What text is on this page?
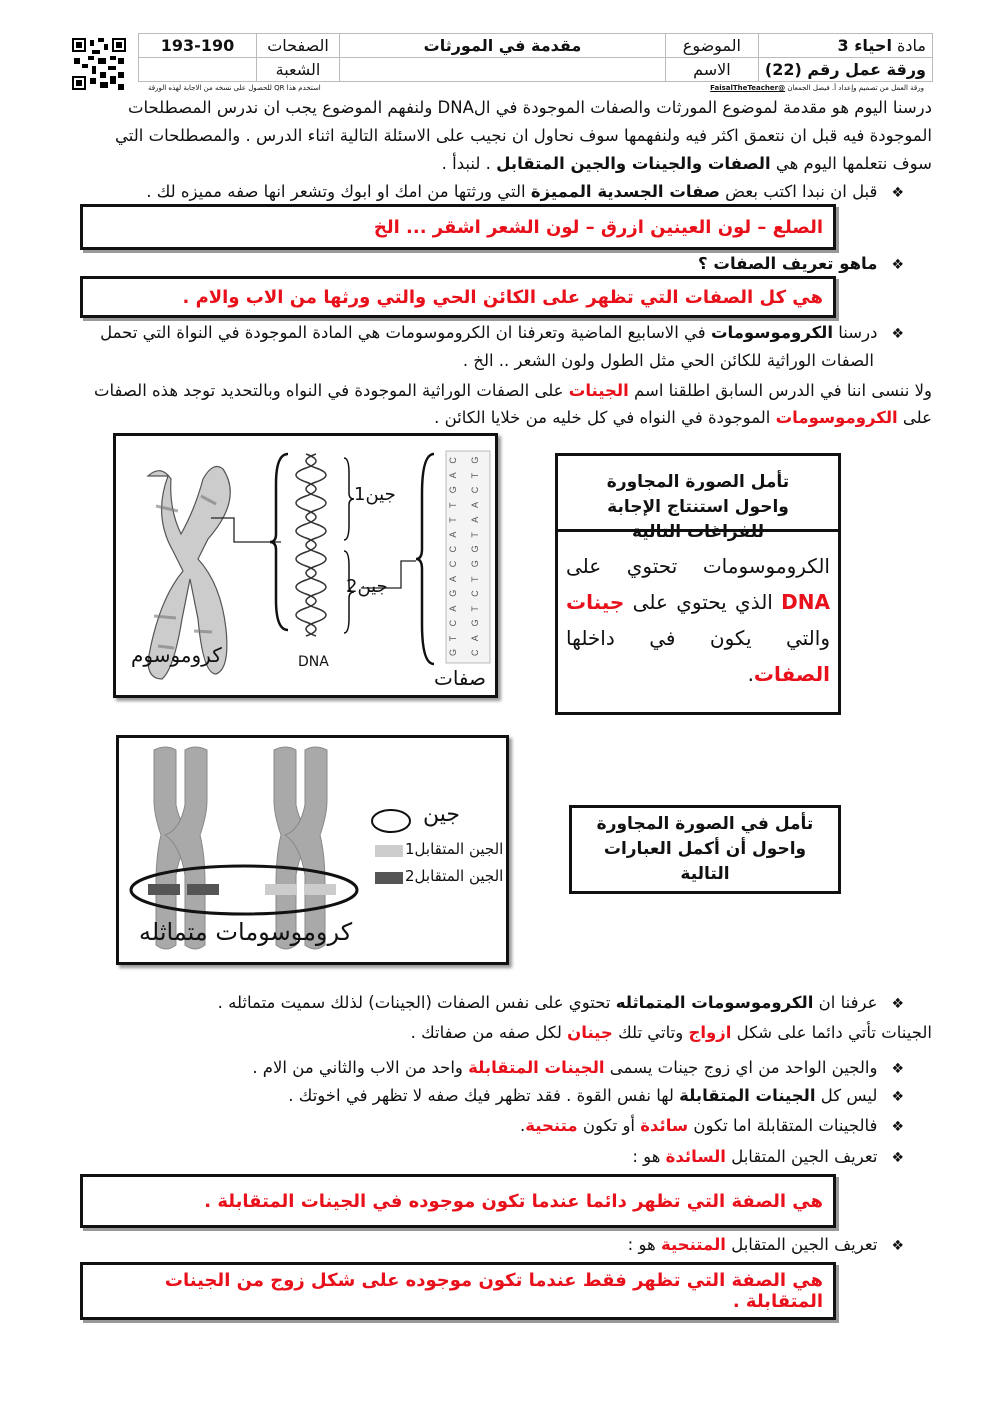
مادة احياء 3	الموضوع	مقدمة في المورثات	الصفحات	193-190
ورقة عمل رقم (22)	الاسم		الشعبة	
ورقة العمل من تصميم وإعداد أ. فيصل الجمعان @FaisalTheTeacher
استخدم هذا QR للحصول على نسخه من الاجابة لهذه الورقة
درسنا اليوم هو مقدمة لموضوع المورثات والصفات الموجودة في الDNA ولنفهم الموضوع يجب ان ندرس المصطلحات
الموجودة فيه قبل ان نتعمق اكثر فيه ولنفهمها سوف نحاول ان نجيب على الاسئلة التالية اثناء الدرس . والمصطلحات التي
سوف نتعلمها اليوم هي الصفات والجينات والجين المتقابل . لنبدأ .
❖ قبل ان نبدا اكتب بعض صفات الجسدية المميزة التي ورثتها من امك او ابوك وتشعر انها صفه مميزه لك .
الصلع – لون العينين ازرق – لون الشعر اشقر ... الخ
❖ ماهو تعريف الصفات ؟
هي كل الصفات التي تظهر على الكائن الحي والتي ورثها من الاب والام .
❖ درسنا الكروموسومات في الاسابيع الماضية وتعرفنا ان الكروموسومات هي المادة الموجودة في النواة التي تحمل
الصفات الوراثية للكائن الحي مثل الطول ولون الشعر .. الخ .
ولا ننسى اننا في الدرس السابق اطلقنا اسم الجينات على الصفات الوراثية الموجودة في النواه وبالتحديد توجد هذه الصفات
على الكروموسومات الموجودة في النواه في كل خليه من خلايا الكائن .
G
T
C
A
G
A
C
C
A
T
T
G
A
C
C
A
G
T
C
T
G
G
T
A
A
C
T
G
كروموسوم	DNA
جين1
جين2
صفات
تأمل الصورة المجاورة واحول استنتاج الإجابة للفراغات التالية
الكروموسومات تحتوي على DNA الذي يحتوي على جينات والتي يكون في داخلها الصفات.
جين
الجين المتقابل1
الجين المتقابل2
كروموسومات متماثله
تأمل في الصورة المجاورة واحول أن أكمل العبارات التالية
❖ عرفنا ان الكروموسومات المتماثله تحتوي على نفس الصفات (الجينات) لذلك سميت متماثله .
الجينات تأتي دائما على شكل ازواج وتاتي تلك جينان لكل صفه من صفاتك .
❖ والجين الواحد من اي زوج جينات يسمى الجينات المتقابلة واحد من الاب والثاني من الام .
❖ ليس كل الجينات المتقابلة لها نفس القوة . فقد تظهر فيك صفه لا تظهر في اخوتك .
❖ فالجينات المتقابلة اما تكون سائدة أو تكون متنحية.
❖ تعريف الجين المتقابل السائدة هو :
هي الصفة التي تظهر دائما عندما تكون موجوده في الجينات المتقابلة .
❖ تعريف الجين المتقابل المتنحية هو :
هي الصفة التي تظهر فقط عندما تكون موجوده على شكل زوج من الجينات المتقابلة .
